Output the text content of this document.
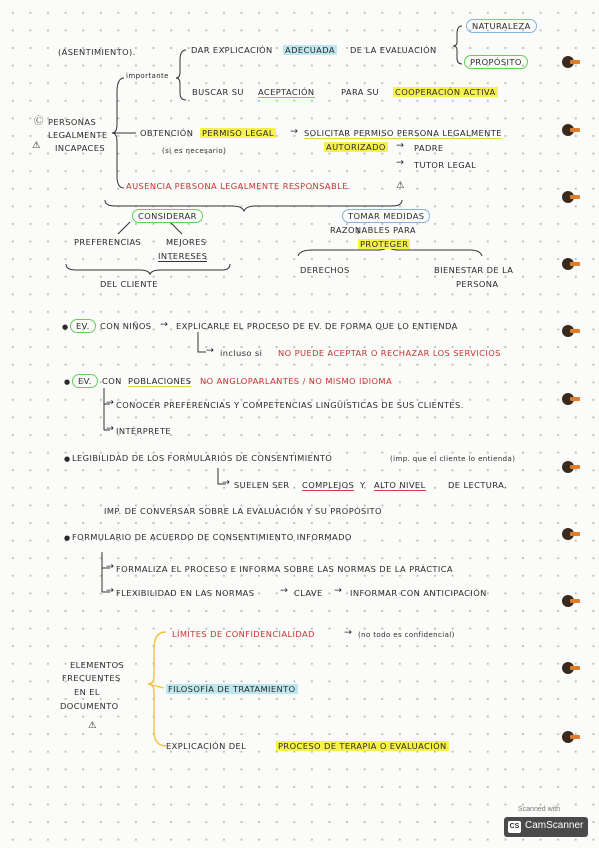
(ASENTIMIENTO).
importante
DAR EXPLICACIÓN ADECUADA DE LA EVALUACIÓN
NATURALEZA
PROPÓSITO
BUSCAR SU ACEPTACIÓN	PARA SU COOPERACIÓN ACTIVA
Ⓒ
⚠
PERSONAS
LEGALMENTE
INCAPACES
OBTENCIÓN PERMISO LEGAL → SOLICITAR PERMISO PERSONA LEGALMENTE
(si es necesario)	AUTORIZADO → PADRE
→ TUTOR LEGAL
AUSENCIA PERSONA LEGALMENTE RESPONSABLE.	⚠
CONSIDERAR
PREFERENCIAS	MEJORES
INTERESES
DEL CLIENTE
TOMAR MEDIDAS
RAZONABLES PARA
PROTEGER
DERECHOS	BIENESTAR DE LA
PERSONA
● EV.	CON NIÑOS → EXPLICARLE EL PROCESO DE EV. DE FORMA QUE LO ENTIENDA
→ incluso si NO PUEDE ACEPTAR O RECHAZAR LOS SERVICIOS
● EV.	CON POBLACIONES NO ANGLOPARLANTES / NO MISMO IDIOMA
→ CONOCER PREFERENCIAS Y COMPETENCIAS LINGÜÍSTICAS DE SUS CLIENTES.
→ INTÉRPRETE
● LEGIBILIDAD DE LOS FORMULARIOS DE CONSENTIMIENTO	(imp. que el cliente lo entienda)
→ SUELEN SER COMPLEJOS Y ALTO NIVEL	DE LECTURA.
IMP. DE CONVERSAR SOBRE LA EVALUACIÓN Y SU PROPÓSITO
● FORMULARIO DE ACUERDO DE CONSENTIMIENTO INFORMADO
→ FORMALIZA EL PROCESO E INFORMA SOBRE LAS NORMAS DE LA PRÁCTICA
→ FLEXIBILIDAD EN LAS NORMAS	→ CLAVE → INFORMAR CON ANTICIPACIÓN
LÍMITES DE CONFIDENCIALIDAD	→ (no todo es confidencial)
ELEMENTOS
FRECUENTES
EN EL
DOCUMENTO
⚠
FILOSOFÍA DE TRATAMIENTO
EXPLICACIÓN DEL	PROCESO DE TERAPIA O EVALUACIÓN
Scanned with
CS CamScanner
